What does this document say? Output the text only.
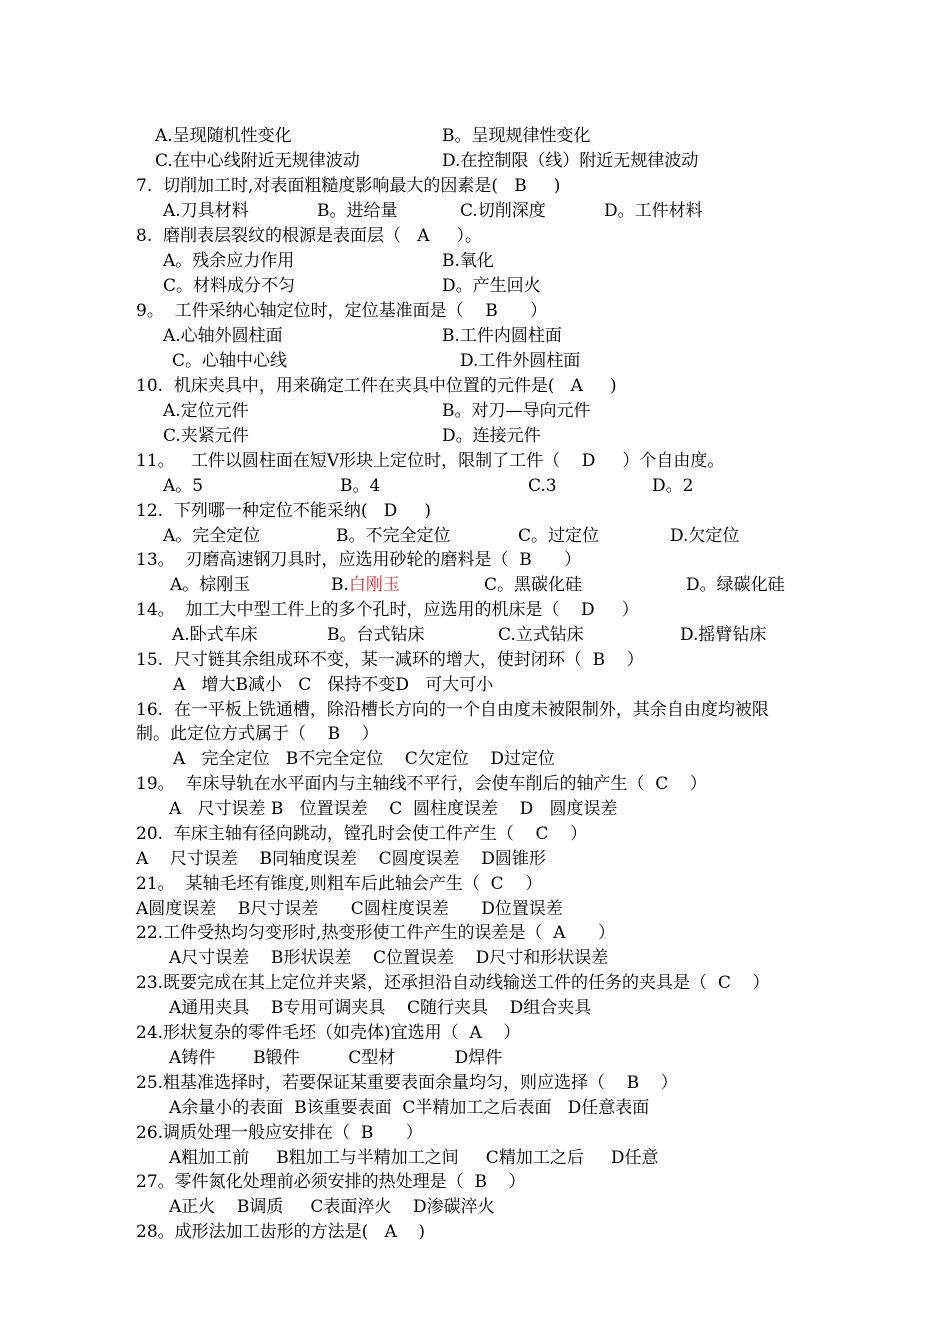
A.呈现随机性变化	B。呈现规律性变化
C.在中心线附近无规律波动	D.在控制限（线）附近无规律波动
7.  切削加工时,对表面粗糙度影响最大的因素是(   B     )
A.刀具材料	B。进给量	C.切削深度	D。工件材料
8.  磨削表层裂纹的根源是表面层（   A     ）。
A。残余应力作用	B.氧化
C。材料成分不匀	D。产生回火
9。  工件采纳心轴定位时，定位基准面是（    B      ）
A.心轴外圆柱面	B.工件内圆柱面
C。心轴中心线	D.工件外圆柱面
10.  机床夹具中，用来确定工件在夹具中位置的元件是(   A     )
A.定位元件	B。对刀—导向元件
C.夹紧元件	D。连接元件
11。   工件以圆柱面在短Ⅴ形块上定位时，限制了工件（    D     ）个自由度。
A。5	B。4	C.3	D。2
12.  下列哪一种定位不能采纳(   D     )
A。完全定位	B。不完全定位	C。过定位	D.欠定位
13。  刃磨高速钢刀具时，应选用砂轮的磨料是（  B      ）
A。棕刚玉	B.白刚玉	C。黑碳化硅	D。绿碳化硅
14。  加工大中型工件上的多个孔时，应选用的机床是（    D     ）
A.卧式车床	B。台式钻床	C.立式钻床	D.摇臂钻床
15.  尺寸链其余组成环不变，某一减环的增大，使封闭环（  B    ）
A   增大B减小   C   保持不变D   可大可小
16.  在一平板上铣通槽，除沿槽长方向的一个自由度未被限制外，其余自由度均被限
制。此定位方式属于（    B    ）
A   完全定位   B不完全定位    C欠定位    D过定位
19。  车床导轨在水平面内与主轴线不平行，会使车削后的轴产生（  C    ）
A   尺寸误差 B   位置误差    C  圆柱度误差    D   圆度误差
20.  车床主轴有径向跳动，镗孔时会使工件产生（    C    ）
A    尺寸误差    B同轴度误差    C圆度误差    D圆锥形
21。  某轴毛坯有锥度,则粗车后此轴会产生（  C    ）
A圆度误差    B尺寸误差      C圆柱度误差      D位置误差
22.工件受热均匀变形时,热变形使工件产生的误差是（  A      ）
A尺寸误差    B形状误差    C位置误差    D尺寸和形状误差
23.既要完成在其上定位并夹紧，还承担沿自动线输送工件的任务的夹具是（  C    ）
A通用夹具    B专用可调夹具    C随行夹具    D组合夹具
24.形状复杂的零件毛坯（如壳体)宜选用（  A    ）
A铸件       B锻件         C型材           D焊件
25.粗基准选择时，若要保证某重要表面余量均匀，则应选择（    B    ）
A余量小的表面  B该重要表面  C半精加工之后表面   D任意表面
26.调质处理一般应安排在（  B      ）
A粗加工前     B粗加工与半精加工之间     C精加工之后     D任意
27。零件氮化处理前必须安排的热处理是（  B    ）
A正火    B调质     C表面淬火    D渗碳淬火
28。成形法加工齿形的方法是(   A    )
